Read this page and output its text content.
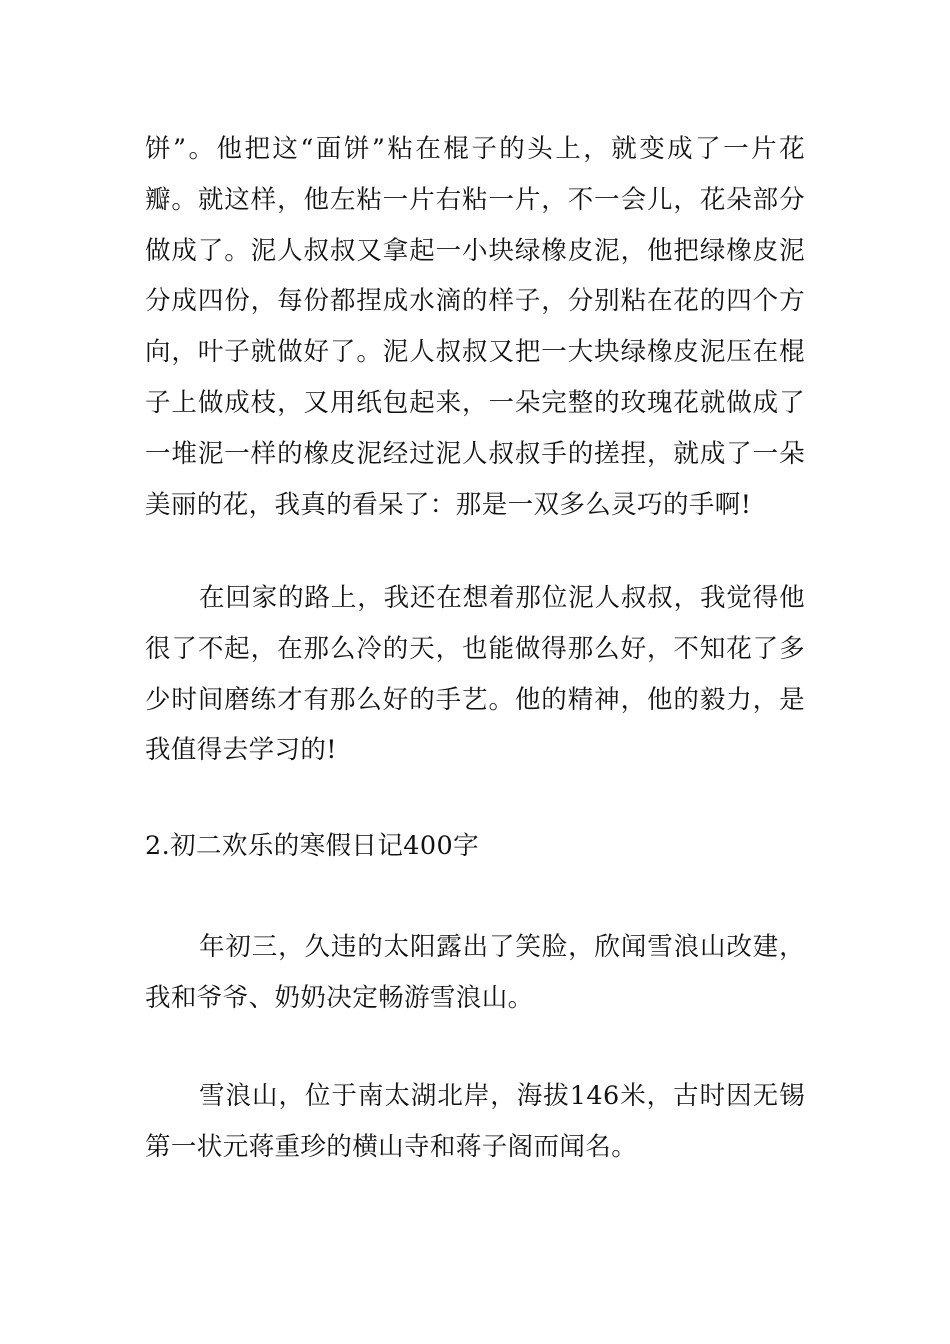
饼”。他把这“面饼”粘在棍子的头上，就变成了一片花瓣。就这样，他左粘一片右粘一片，不一会儿，花朵部分做成了。泥人叔叔又拿起一小块绿橡皮泥，他把绿橡皮泥分成四份，每份都捏成水滴的样子，分别粘在花的四个方向，叶子就做好了。泥人叔叔又把一大块绿橡皮泥压在棍子上做成枝，又用纸包起来，一朵完整的玫瑰花就做成了一堆泥一样的橡皮泥经过泥人叔叔手的搓捏，就成了一朵美丽的花，我真的看呆了：那是一双多么灵巧的手啊!

在回家的路上，我还在想着那位泥人叔叔，我觉得他很了不起，在那么冷的天，也能做得那么好，不知花了多少时间磨练才有那么好的手艺。他的精神，他的毅力，是我值得去学习的!

2.初二欢乐的寒假日记400字

年初三，久违的太阳露出了笑脸，欣闻雪浪山改建，我和爷爷、奶奶决定畅游雪浪山。

雪浪山，位于南太湖北岸，海拔146米，古时因无锡第一状元蒋重珍的横山寺和蒋子阁而闻名。
